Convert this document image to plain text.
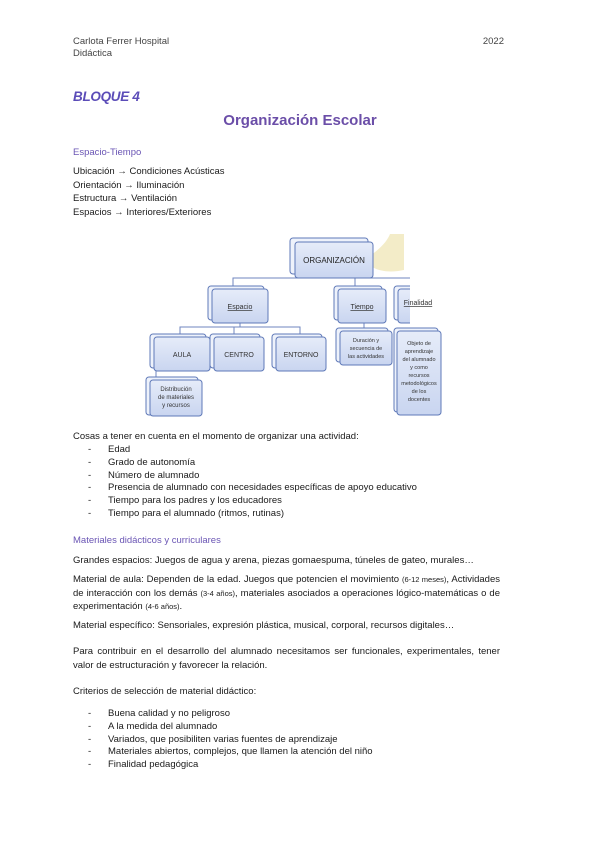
Carlota Ferrer Hospital
Didáctica
2022
BLOQUE 4
Organización Escolar
Espacio-Tiempo
Ubicación → Condiciones Acústicas
Orientación → Iluminación
Estructura → Ventilación
Espacios → Interiores/Exteriores
ORGANIZACIÓN
Espacio	Tiempo
AULA	CENTRO	ENTORNO
Distribución
de materiales
y recursos
Duración y
secuencia de
las actividades
Finalidad
Objeto de
aprendizaje
del alumnado
y como
recursos
metodológicos
de los
docentes
Cosas a tener en cuenta en el momento de organizar una actividad:
- Edad
- Grado de autonomía
- Número de alumnado
- Presencia de alumnado con necesidades específicas de apoyo educativo
- Tiempo para los padres y los educadores
- Tiempo para el alumnado (ritmos, rutinas)
Materiales didácticos y curriculares
Grandes espacios: Juegos de agua y arena, piezas gomaespuma, túneles de gateo, murales…
Material de aula: Dependen de la edad. Juegos que potencien el movimiento (6-12 meses), Actividades de interacción con los demás (3-4 años), materiales asociados a operaciones lógico-matemáticas o de experimentación (4-6 años).
Material específico: Sensoriales, expresión plástica, musical, corporal, recursos digitales…
Para contribuir en el desarrollo del alumnado necesitamos ser funcionales, experimentales, tener valor de estructuración y favorecer la relación.
Criterios de selección de material didáctico:
- Buena calidad y no peligroso
- A la medida del alumnado
- Variados, que posibiliten varias fuentes de aprendizaje
- Materiales abiertos, complejos, que llamen la atención del niño
- Finalidad pedagógica
